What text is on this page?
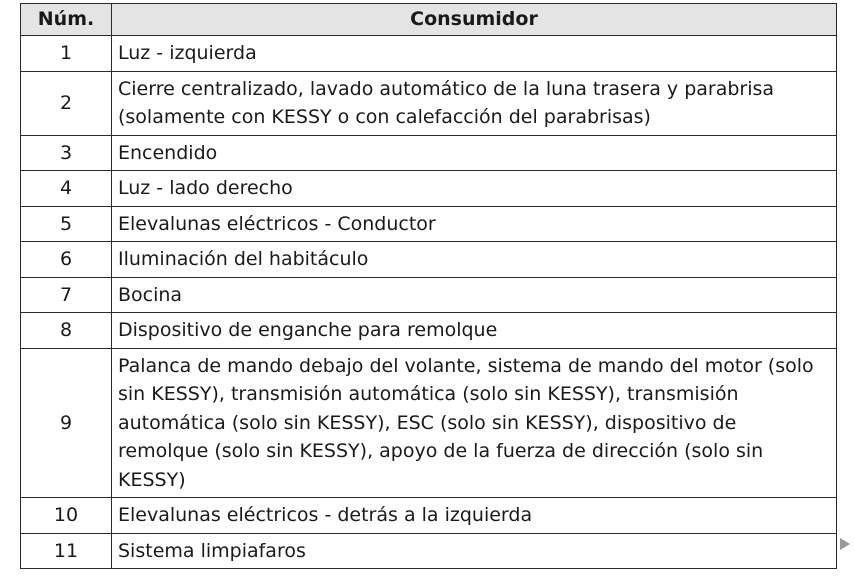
Núm.	Consumidor
1	Luz - izquierda
2	Cierre centralizado, lavado automático de la luna trasera y parabrisa (solamente con KESSY o con calefacción del parabrisas)
3	Encendido
4	Luz - lado derecho
5	Elevalunas eléctricos - Conductor
6	Iluminación del habitáculo
7	Bocina
8	Dispositivo de enganche para remolque
9	Palanca de mando debajo del volante, sistema de mando del motor (solo sin KESSY), transmisión automática (solo sin KESSY), transmisión automática (solo sin KESSY), ESC (solo sin KESSY), dispositivo de remolque (solo sin KESSY), apoyo de la fuerza de dirección (solo sin KESSY)
10	Elevalunas eléctricos - detrás a la izquierda
11	Sistema limpiafaros
